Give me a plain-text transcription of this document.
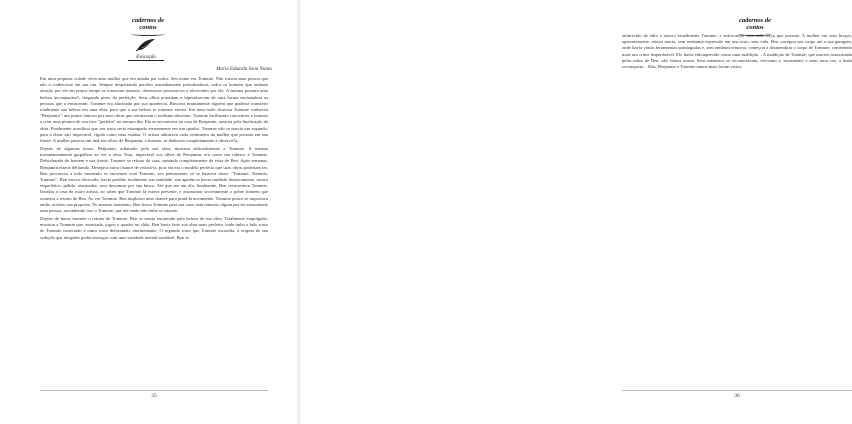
cadernos de
contos
Evocação
Maria Eduarda Sena Nunes

Em uma pequena cidade vivia uma mulher que era amada por todos. Seu nome era Tommie. Não existia uma pessoa que não a conhecesse em sua rua. Sempre despertando paixões estranhamente perturbadoras, todos os homens que sentiam atração por ela em pouco tempo se tornavam insanos, obsessivos possessivos e obcecados por ela. A mesma possuía uma beleza incomparável, chegando perto da perfeição. Seus olhos possuíam e hipnotizavam de uma forma encantadora as pessoas que a encaravam. Tommie era alucinada por sua aparência. Buscava insanamente alguém que pudesse transferir totalmente sua beleza em uma obra, para que a sua beleza se tornasse eterna. Em uma noite chuvosa Tommie conheceu "Benjamin", um pintor famoso por suas obras que retratavam o realismo absoluto. Tommie facilmente convenceu o homem a criar uma pintura de sua face "perfeita" no mesmo dia. Ela se encontrava na casa de Benjamin, ansiosa pela finalização da obra. Finalmente acreditou que seu rosto seria estampado eternamente em um quadro. Tommie não se movia um segundo, para a obrar sair impecável, rígida como uma estátua. O artista admirava cada centímetro da mulher que possuía em sua frente. A mulher parecia um ímã aos olhos de Benjamin, o mesmo, se dedicava completamente a observá-la.

Depois de algumas horas, Benjamin, admirado pela sua obra, mostrou delicadamente a Tommie. A mesma instantaneamente gargalhou ao ver a obra. Esta, impecável aos olhos de Benjamin, era como um rabisco à Tommie. Debochando do homem e sua fronte, Tommie se retirou da casa, sumindo completamente da vista de Ben. Após semanas, Benjamin estava delirando. Desejava outra chance de retratá-la, pois ela era o modelo perfeito que suas obras poderiam ter. Ben procurava a todo momento se encontrar com Tommie, seu pensamento só se baseava nisso: "Tommie, Tommie, Tommie". Ben estava obcecado, havia perdido totalmente sua sanidade, sua aparência havia mudado drasticamente, estava esquelético, pálido, assustador, sem descansar por sua busca. Até que em um dia, finalmente, Ben reencontrou Tommie. Invadiu a casa de outro artista, ao saber que Tommie lá estava presente, e assassinou secretamente o pobre homem que reaizava a retrato de Ben. Ao ver Tommie, Ben implorou uma chance para pintá-la novamente. Tommie pouco se importava então, aceitou sua proposta. No mesmo momento, Ben levou Tommie para sua casa, sem remorso algum por ter assassinado uma pessoa, escondendo isso a Tommie, que até então não tinha se situado.

Depois de horas fazendo o retrato de Tommie, Ben se sentia encantado pela beleza de sua obra. Totalmente empolgado, mostrou a Tommie que, assustada, jogou o quadro no chão. Ben havia feito sua obra mais perfeita; onde tinha o belo rosto de Tommie conectado a outro rosto deformado, atormentante. O segundo rosto que Tommie escondia, a origem de sua sedução que ninguém podia enxergar com uma sanidade mental saudável. Ben se

35
cadernos de
contos

enfurecido de ódio e atacou brutalmente Tommie, e enforcando com toda força que possuía. A mulher em seus braços, aparentemente, estava morta, sem nenhuma expressão em seu rosto, sem vida. Ben carregou seu corpo até a sua garagem, onde havia várias ferramentas pontiagudas e, sem nenhum remorso, começou a desmembrar o corpo de Tommie, cometendo mais um crime imperdoável. Ele havia enlouquecido como uma maldição... A maldição de Tommie, que morreu assassinada pelas mãos de Ben, não estava morta. Seus membros se reconectavam, reviviam e, novamente e mais uma vez, a linda reconquista... Mas, Benjamin e Tommie nunca mais foram vistos.

36
